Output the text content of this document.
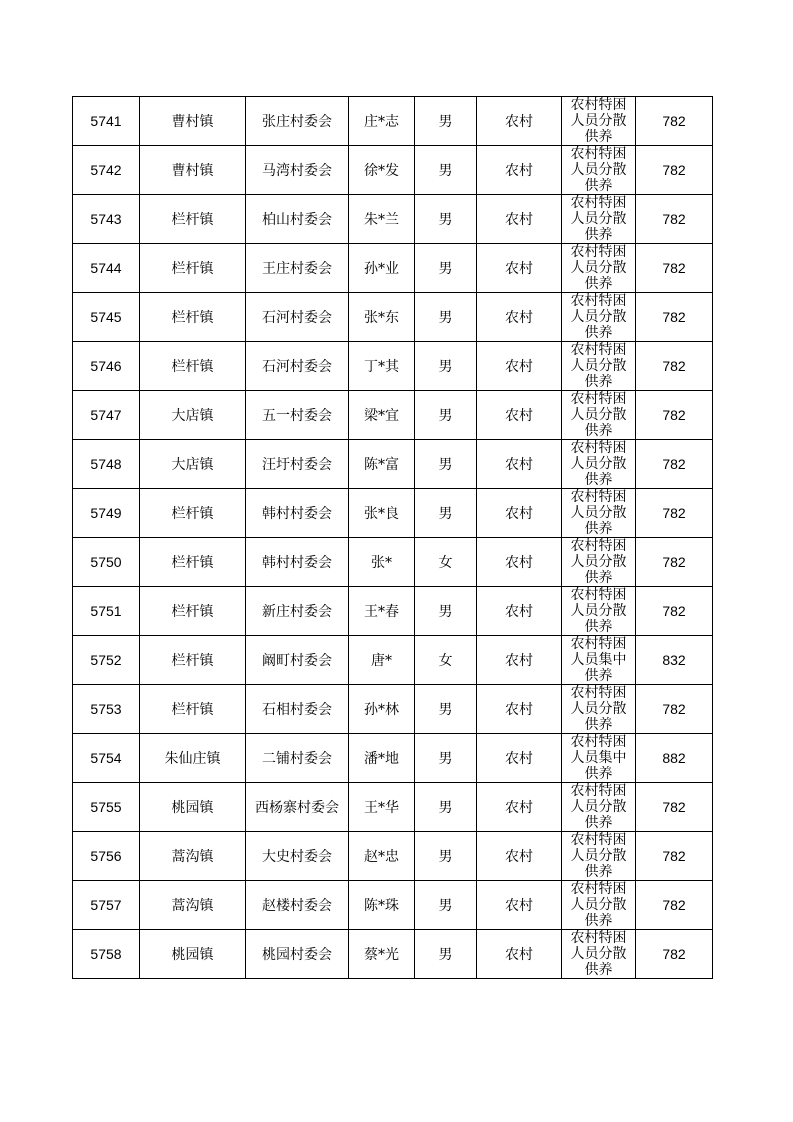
5741	曹村镇	张庄村委会	庄*志	男	农村	农村特困人员分散供养	782
5742	曹村镇	马湾村委会	徐*发	男	农村	农村特困人员分散供养	782
5743	栏杆镇	柏山村委会	朱*兰	男	农村	农村特困人员分散供养	782
5744	栏杆镇	王庄村委会	孙*业	男	农村	农村特困人员分散供养	782
5745	栏杆镇	石河村委会	张*东	男	农村	农村特困人员分散供养	782
5746	栏杆镇	石河村委会	丁*其	男	农村	农村特困人员分散供养	782
5747	大店镇	五一村委会	梁*宜	男	农村	农村特困人员分散供养	782
5748	大店镇	汪圩村委会	陈*富	男	农村	农村特困人员分散供养	782
5749	栏杆镇	韩村村委会	张*良	男	农村	农村特困人员分散供养	782
5750	栏杆镇	韩村村委会	张*	女	农村	农村特困人员分散供养	782
5751	栏杆镇	新庄村委会	王*春	男	农村	农村特困人员分散供养	782
5752	栏杆镇	阚町村委会	唐*	女	农村	农村特困人员集中供养	832
5753	栏杆镇	石相村委会	孙*林	男	农村	农村特困人员分散供养	782
5754	朱仙庄镇	二铺村委会	潘*地	男	农村	农村特困人员集中供养	882
5755	桃园镇	西杨寨村委会	王*华	男	农村	农村特困人员分散供养	782
5756	蒿沟镇	大史村委会	赵*忠	男	农村	农村特困人员分散供养	782
5757	蒿沟镇	赵楼村委会	陈*珠	男	农村	农村特困人员分散供养	782
5758	桃园镇	桃园村委会	蔡*光	男	农村	农村特困人员分散供养	782
